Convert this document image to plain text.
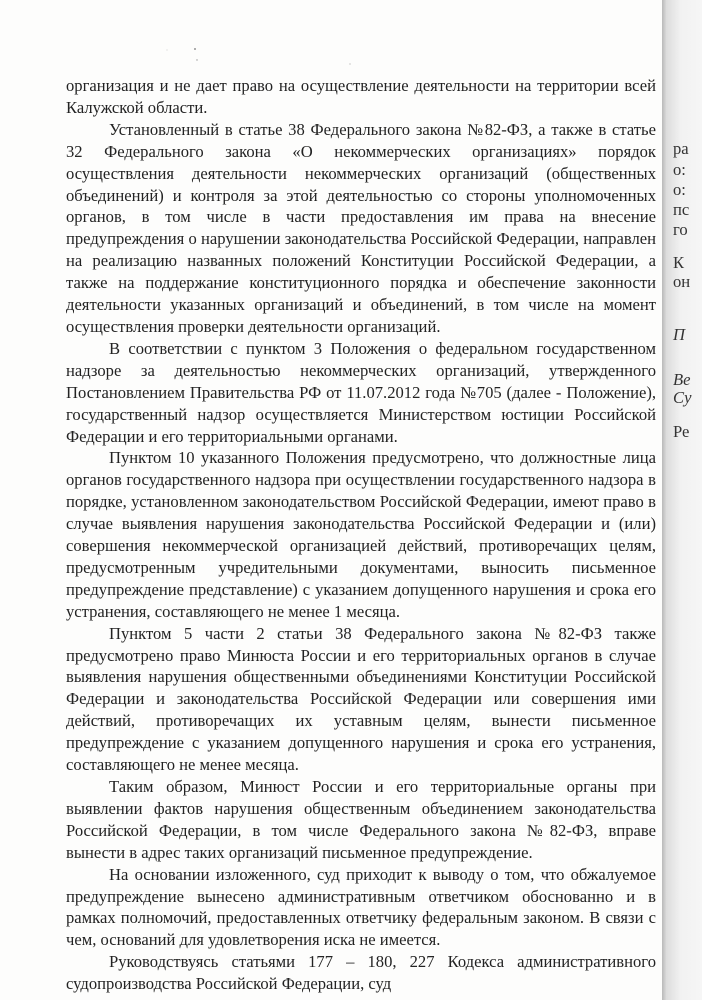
организация и не дает право на осуществление деятельности на территории всей Калужской области.

Установленный в статье 38 Федерального закона №82-ФЗ, а также в статье 32 Федерального закона «О некоммерческих организациях» порядок осуществления деятельности некоммерческих организаций (общественных объединений) и контроля за этой деятельностью со стороны уполномоченных органов, в том числе в части предоставления им права на внесение предупреждения о нарушении законодательства Российской Федерации, направлен на реализацию названных положений Конституции Российской Федерации, а также на поддержание конституционного порядка и обеспечение законности деятельности указанных организаций и объединений, в том числе на момент осуществления проверки деятельности организаций.

В соответствии с пунктом 3 Положения о федеральном государственном надзоре за деятельностью некоммерческих организаций, утвержденного Постановлением Правительства РФ от 11.07.2012 года №705 (далее - Положение), государственный надзор осуществляется Министерством юстиции Российской Федерации и его территориальными органами.

Пунктом 10 указанного Положения предусмотрено, что должностные лица органов государственного надзора при осуществлении государственного надзора в порядке, установленном законодательством Российской Федерации, имеют право в случае выявления нарушения законодательства Российской Федерации и (или) совершения некоммерческой организацией действий, противоречащих целям, предусмотренным учредительными документами, выносить письменное предупреждение представление) с указанием допущенного нарушения и срока его устранения, составляющего не менее 1 месяца.

Пунктом 5 части 2 статьи 38 Федерального закона №82-ФЗ также предусмотрено право Минюста России и его территориальных органов в случае выявления нарушения общественными объединениями Конституции Российской Федерации и законодательства Российской Федерации или совершения ими действий, противоречащих их уставным целям, вынести письменное предупреждение с указанием допущенного нарушения и срока его устранения, составляющего не менее месяца.

Таким образом, Минюст России и его территориальные органы при выявлении фактов нарушения общественным объединением законодательства Российской Федерации, в том числе Федерального закона №82-ФЗ, вправе вынести в адрес таких организаций письменное предупреждение.

На основании изложенного, суд приходит к выводу о том, что обжалуемое предупреждение вынесено административным ответчиком обоснованно и в рамках полномочий, предоставленных ответчику федеральным законом. В связи с чем, оснований для удовлетворения иска не имеется.

Руководствуясь статьями 177 – 180, 227 Кодекса административного судопроизводства Российской Федерации, суд

ра
о:
о:
пс
го
К
он
П
Ве
Су
Ре
